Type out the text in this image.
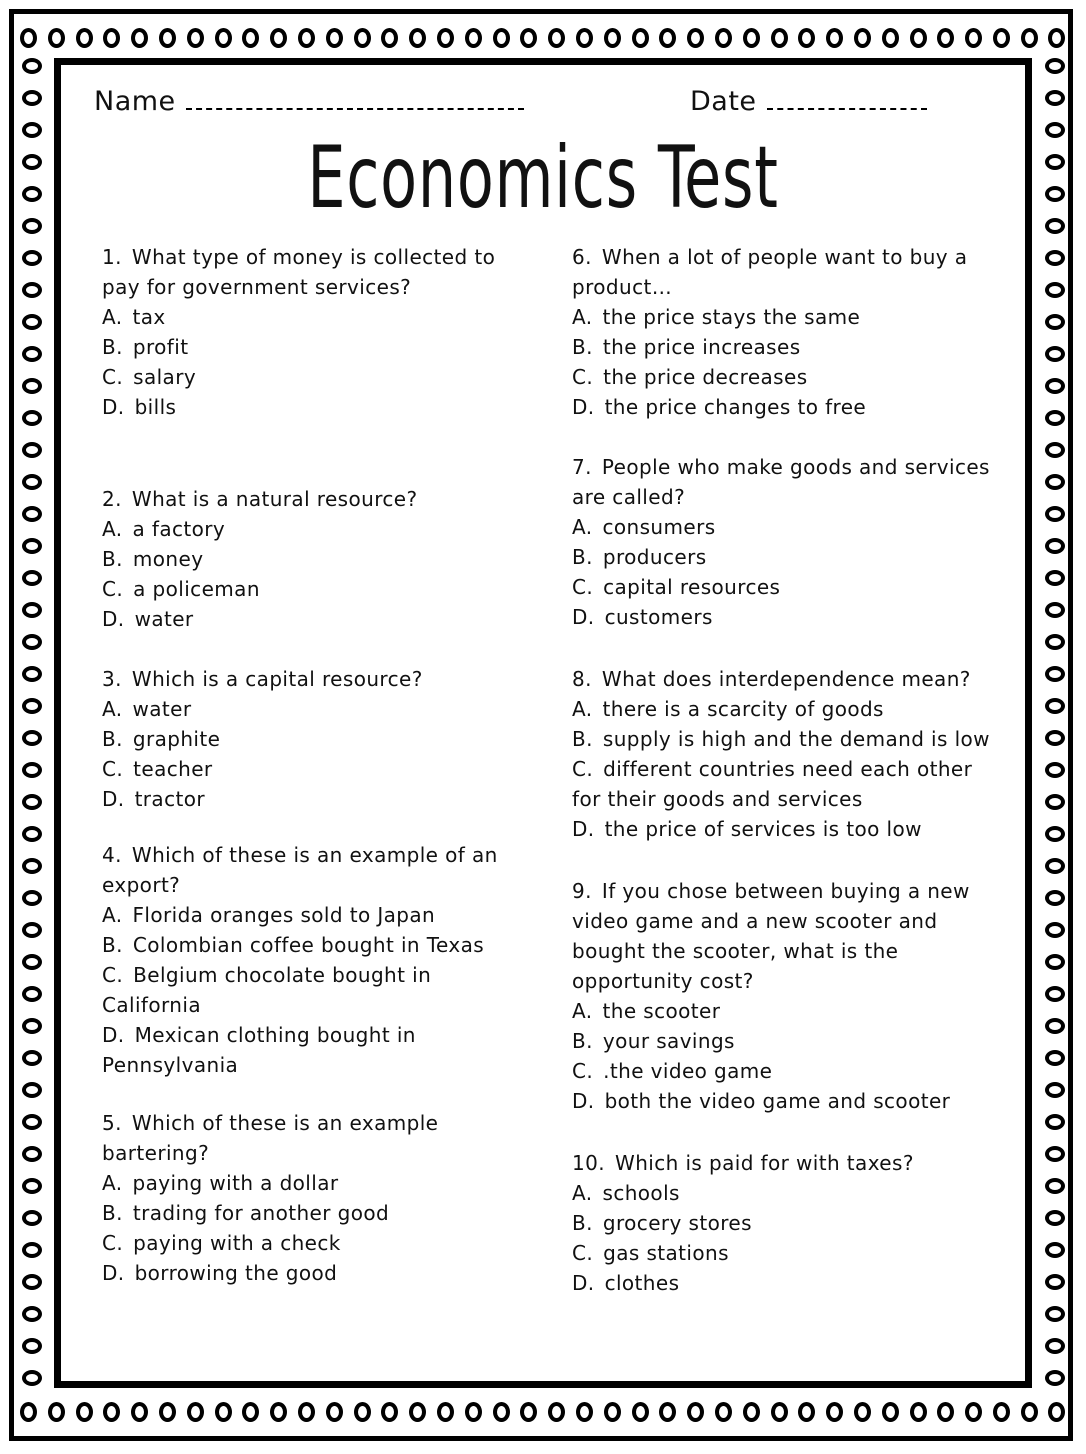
Name	Date
Economics Test
1. What type of money is collected to pay for government services?
A. tax
B. profit
C. salary
D. bills
2. What is a natural resource?
A. a factory
B. money
C. a policeman
D. water
3. Which is a capital resource?
A. water
B. graphite
C. teacher
D. tractor
4. Which of these is an example of an export?
A. Florida oranges sold to Japan
B. Colombian coffee bought in Texas
C. Belgium chocolate bought in California
D. Mexican clothing bought in Pennsylvania
5. Which of these is an example bartering?
A. paying with a dollar
B. trading for another good
C. paying with a check
D. borrowing the good
6. When a lot of people want to buy a product…
A. the price stays the same
B. the price increases
C. the price decreases
D. the price changes to free
7. People who make goods and services are called?
A. consumers
B. producers
C. capital resources
D. customers
8. What does interdependence mean?
A. there is a scarcity of goods
B. supply is high and the demand is low
C. different countries need each other for their goods and services
D. the price of services is too low
9. If you chose between buying a new video game and a new scooter and bought the scooter, what is the opportunity cost?
A. the scooter
B. your savings
C. .the video game
D. both the video game and scooter
10. Which is paid for with taxes?
A. schools
B. grocery stores
C. gas stations
D. clothes
